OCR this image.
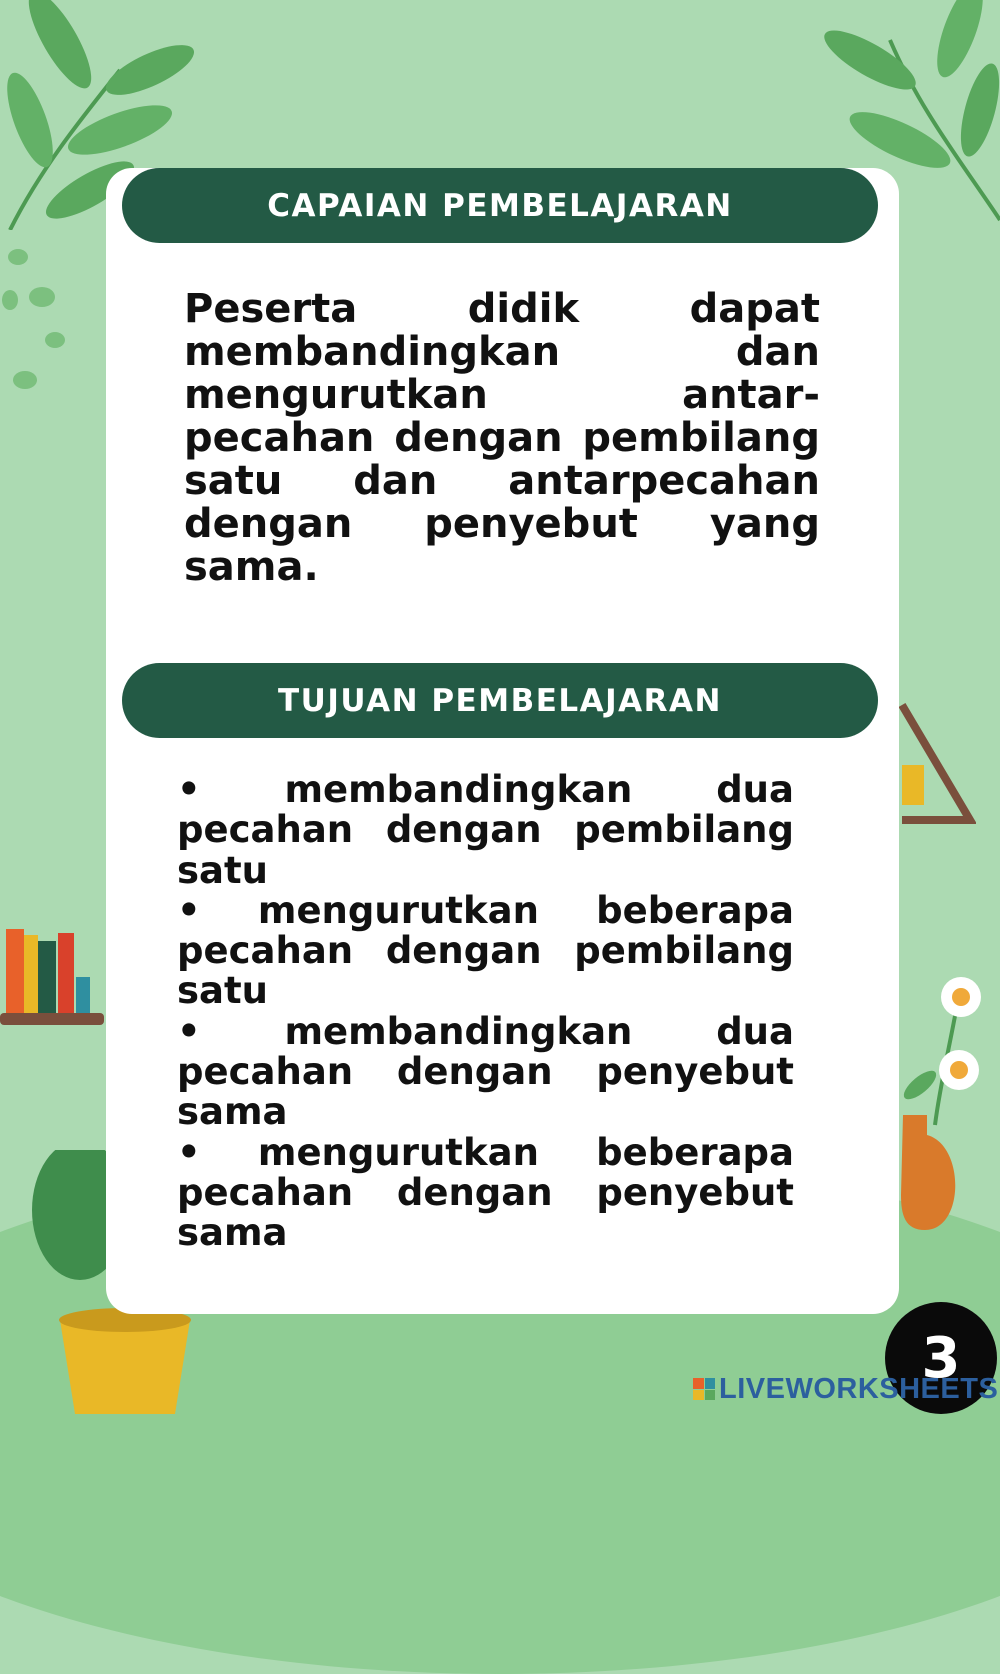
CAPAIAN PEMBELAJARAN

Peserta didik dapat membandingkan dan mengurutkan antar-pecahan dengan pembilang satu dan antarpecahan dengan penyebut yang sama.

TUJUAN PEMBELAJARAN
• membandingkan dua pecahan dengan pembilang satu
• mengurutkan beberapa pecahan dengan pembilang satu
• membandingkan dua pecahan dengan penyebut sama
• mengurutkan beberapa pecahan dengan penyebut sama
3
LIVEWORKSHEETS
